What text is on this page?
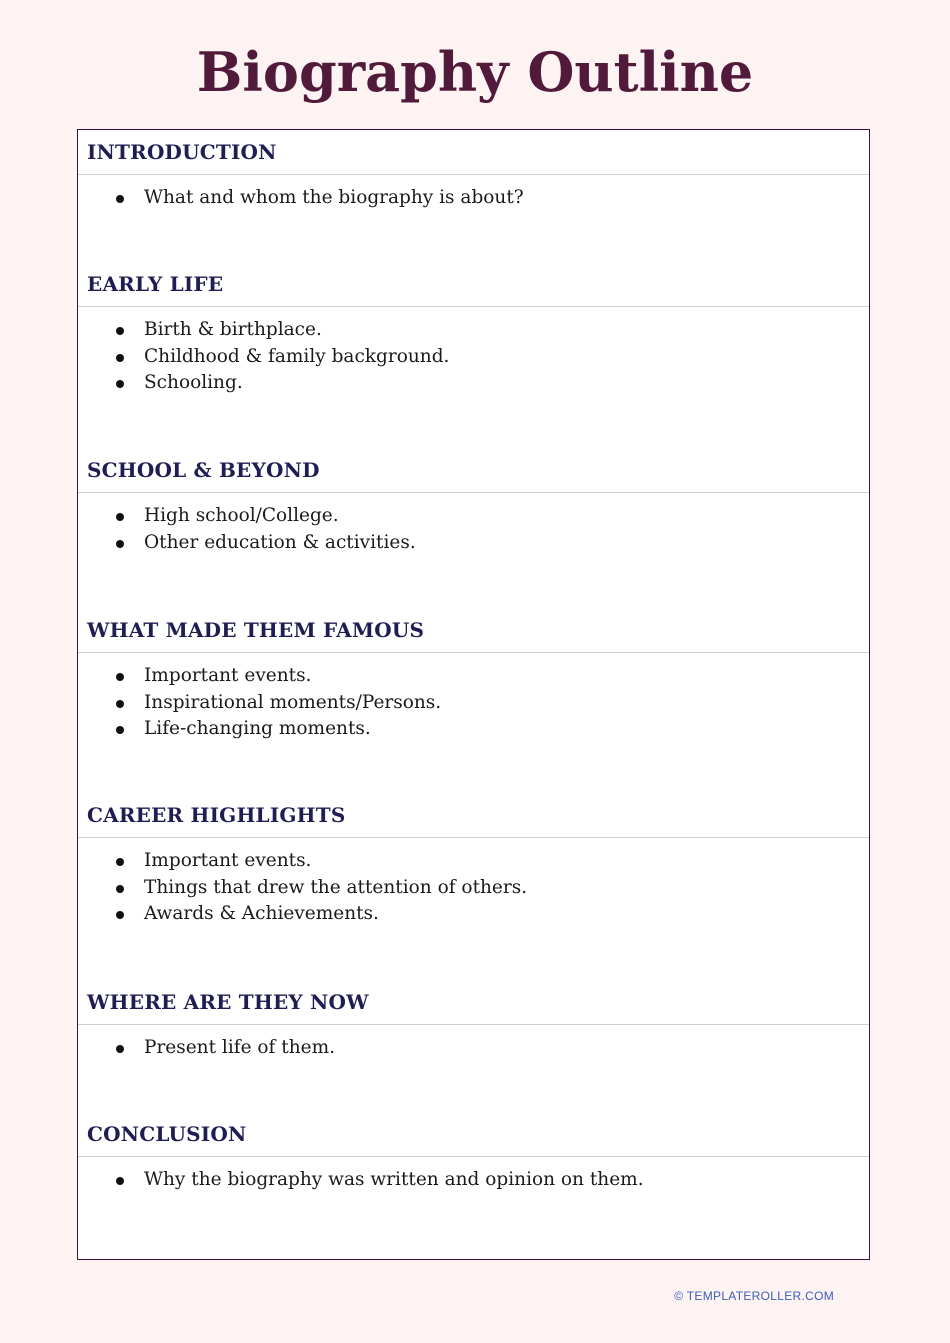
Biography Outline
INTRODUCTION
What and whom the biography is about?
EARLY LIFE
Birth & birthplace.
Childhood & family background.
Schooling.
SCHOOL & BEYOND
High school/College.
Other education & activities.
WHAT MADE THEM FAMOUS
Important events.
Inspirational moments/Persons.
Life-changing moments.
CAREER HIGHLIGHTS
Important events.
Things that drew the attention of others.
Awards & Achievements.
WHERE ARE THEY NOW
Present life of them.
CONCLUSION
Why the biography was written and opinion on them.
© TEMPLATEROLLER.COM
